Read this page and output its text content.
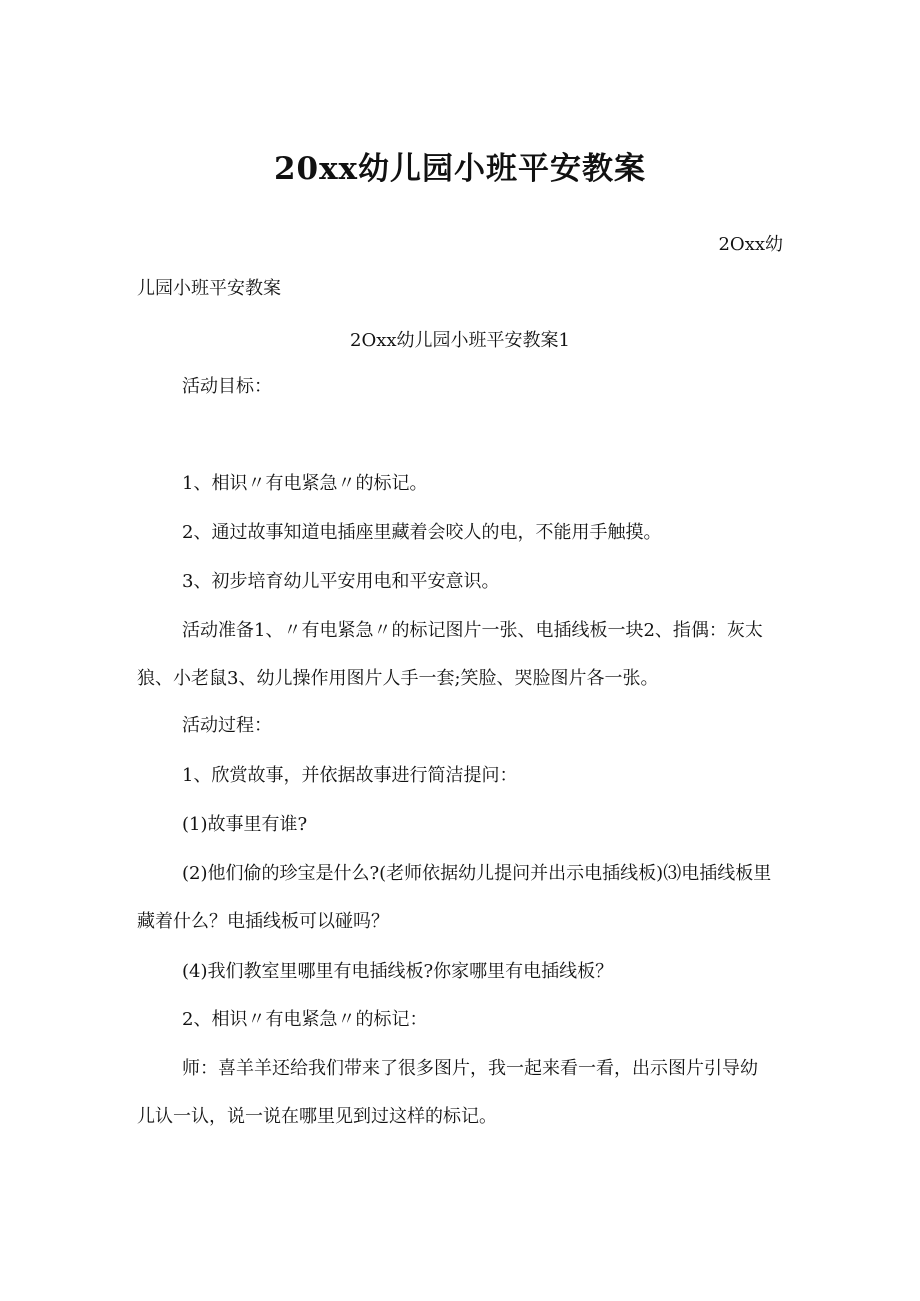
20xx幼儿园小班平安教案
2Oxx幼
儿园小班平安教案
2Oxx幼儿园小班平安教案1
活动目标：
1、相识〃有电紧急〃的标记。
2、通过故事知道电插座里藏着会咬人的电，不能用手触摸。
3、初步培育幼儿平安用电和平安意识。
活动准备1、〃有电紧急〃的标记图片一张、电插线板一块2、指偶：灰太
狼、小老鼠3、幼儿操作用图片人手一套;笑脸、哭脸图片各一张。
活动过程：
1、欣赏故事，并依据故事进行简洁提问：
(1)故事里有谁?
(2)他们偷的珍宝是什么?(老师依据幼儿提问并出示电插线板)⑶电插线板里
藏着什么？电插线板可以碰吗？
(4)我们教室里哪里有电插线板?你家哪里有电插线板？
2、相识〃有电紧急〃的标记：
师：喜羊羊还给我们带来了很多图片，我一起来看一看，出示图片引导幼
儿认一认，说一说在哪里见到过这样的标记。
